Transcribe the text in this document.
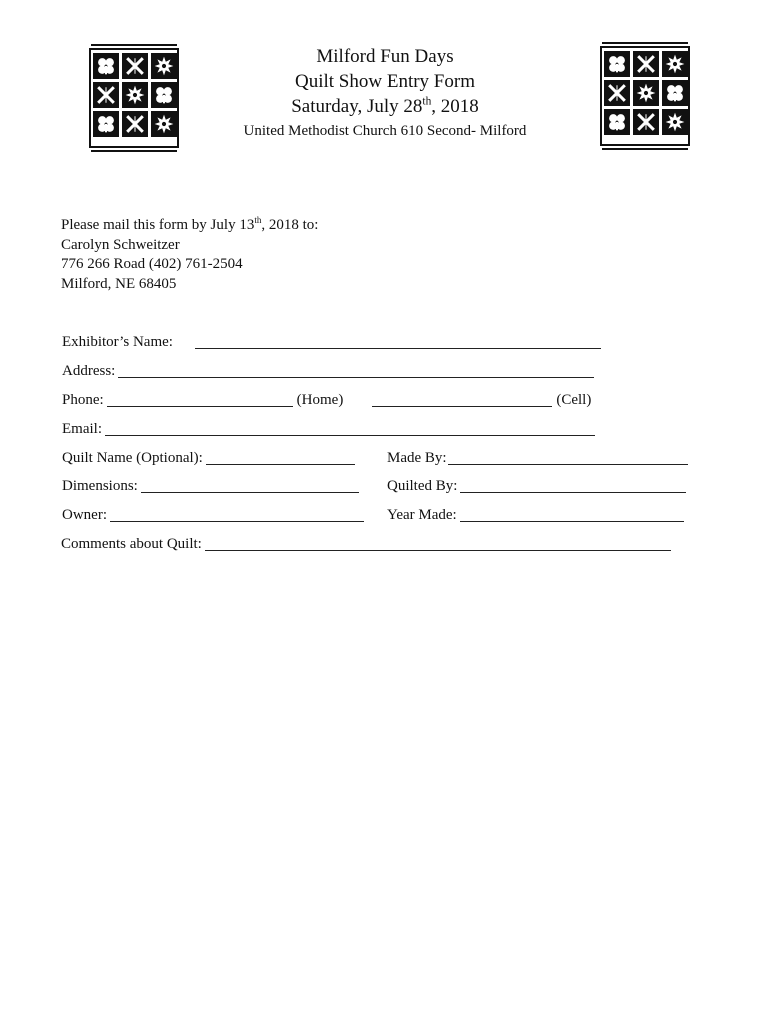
Milford Fun Days
Quilt Show Entry Form
Saturday, July 28th, 2018
United Methodist Church 610 Second- Milford
Please mail this form by July 13th, 2018 to:
Carolyn Schweitzer
776 266 Road (402) 761-2504
Milford, NE 68405
Exhibitor’s Name:
Address:
Phone:	(Home)	(Cell)
Email:
Quilt Name (Optional):	Made By:
Dimensions:	Quilted By:
Owner:	Year Made:
Comments about Quilt:
